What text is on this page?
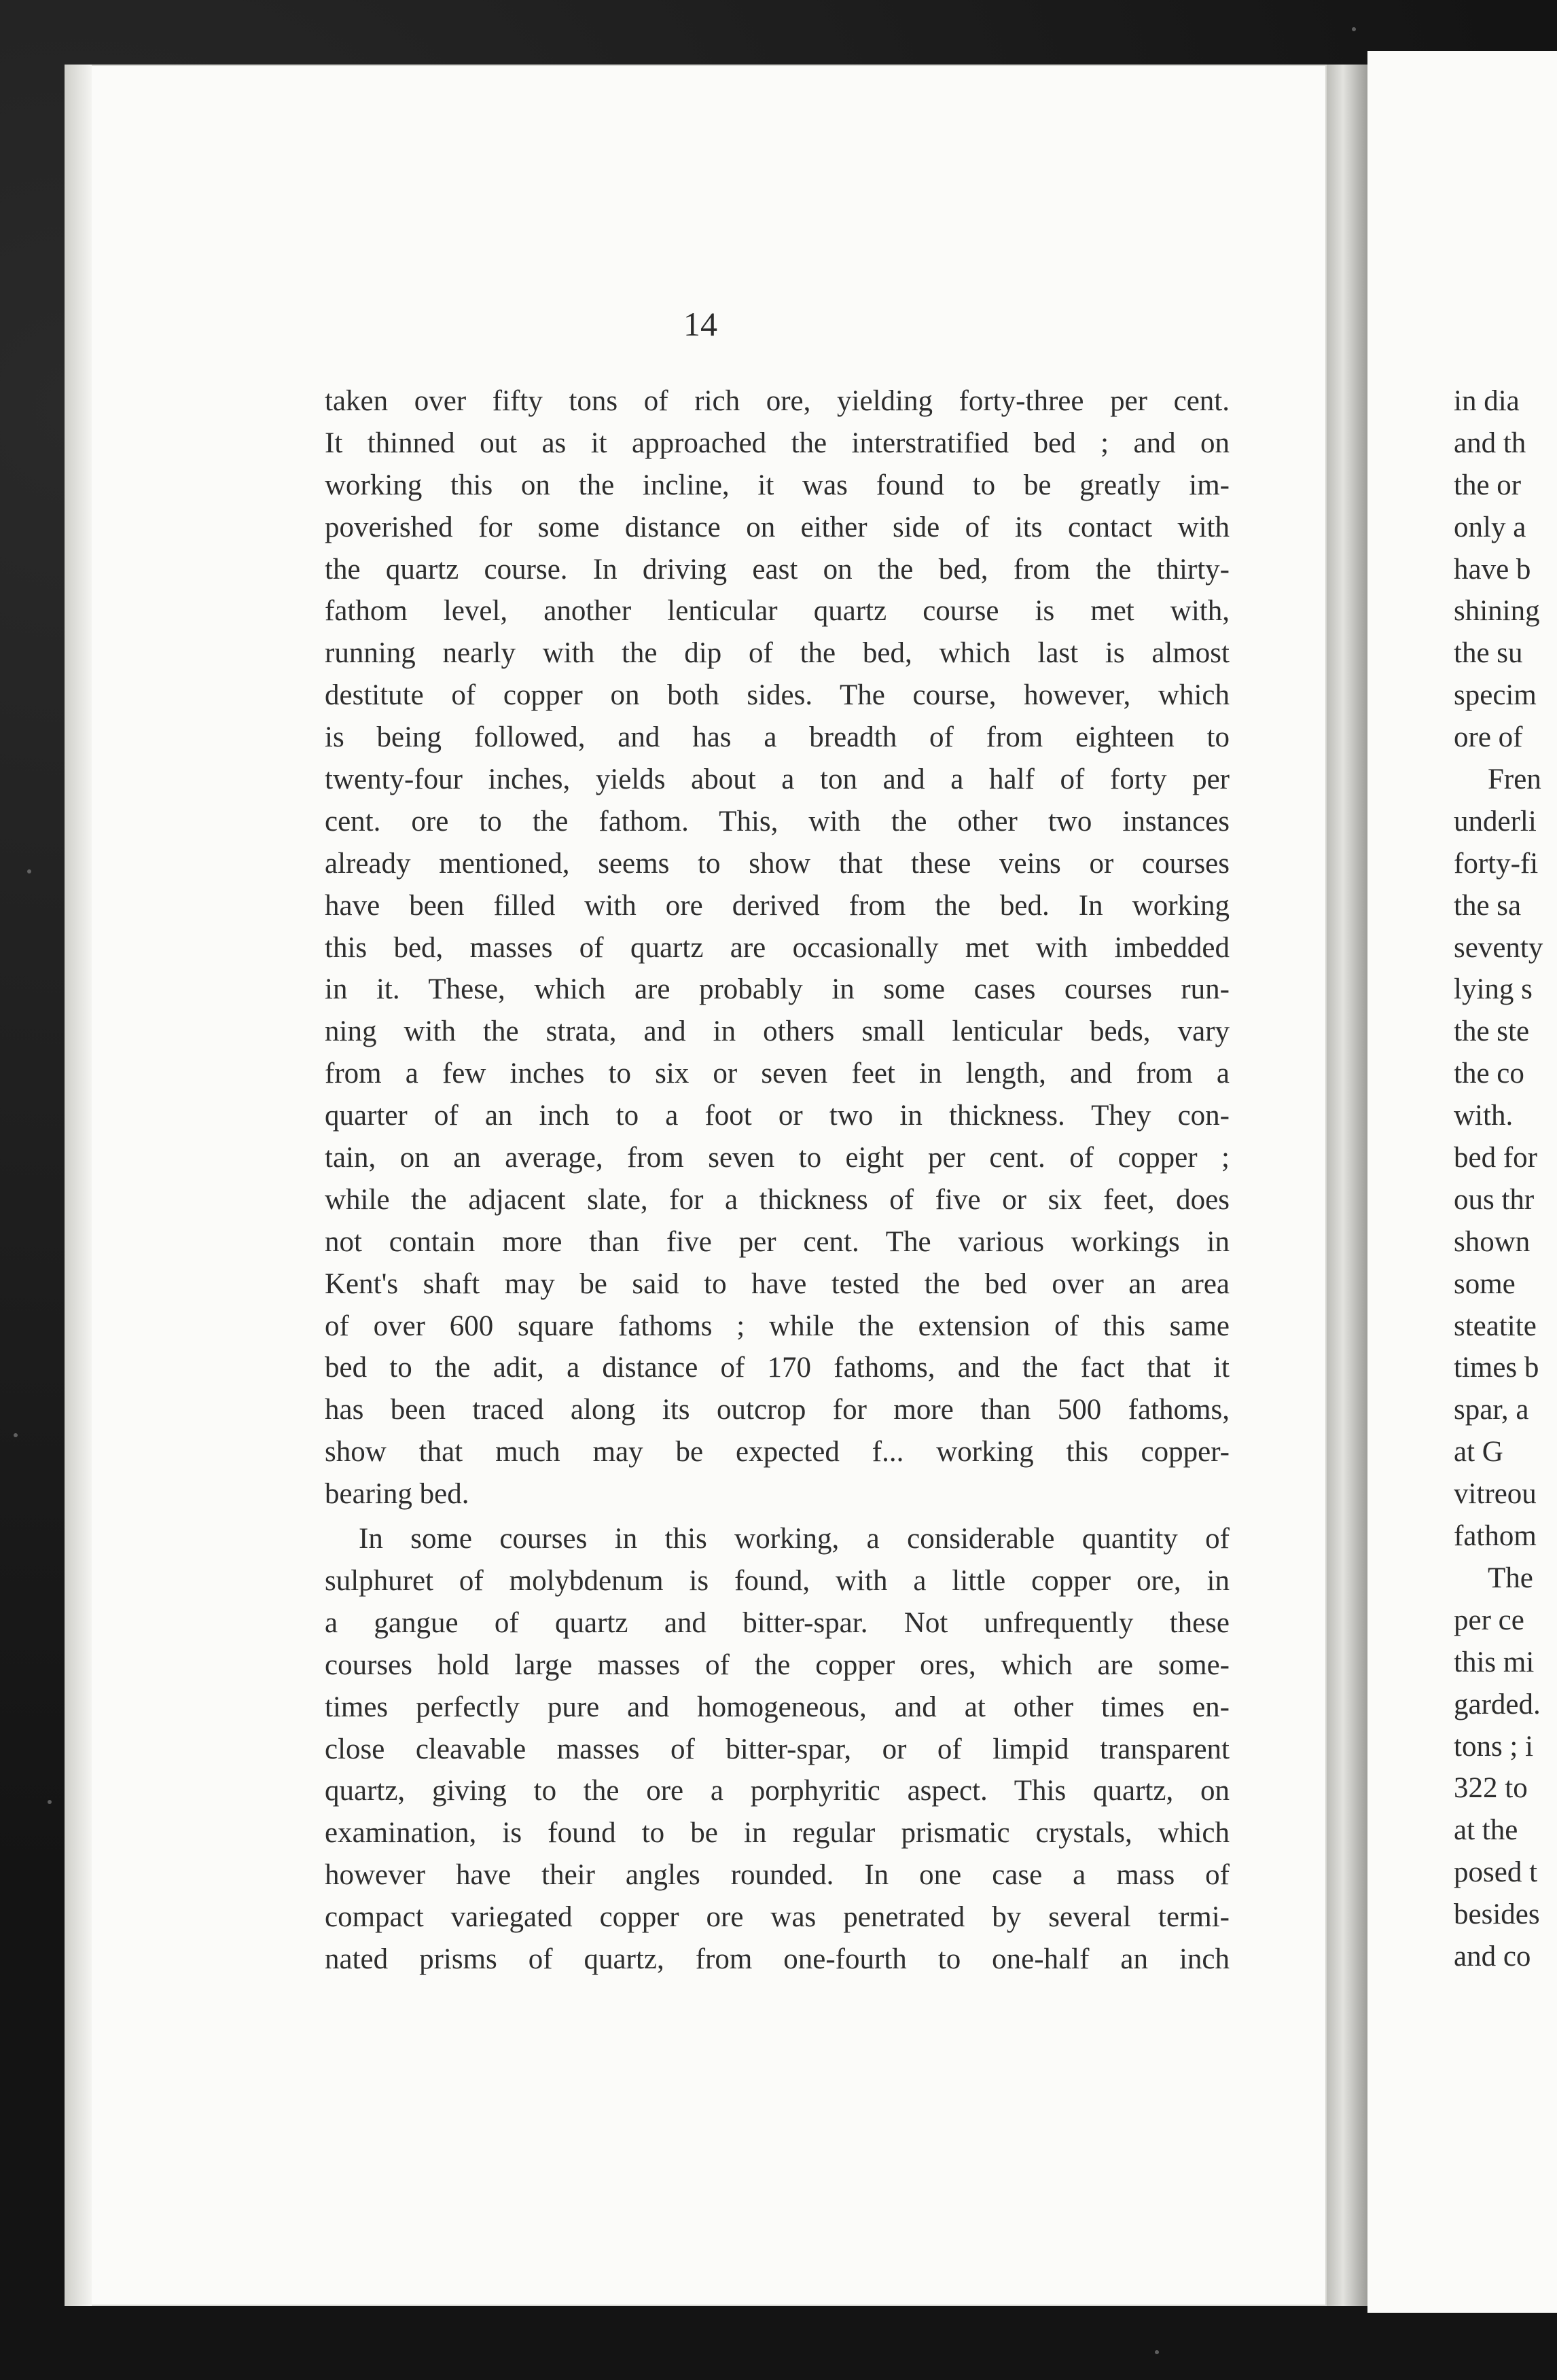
14
taken over fifty tons of rich ore, yielding forty-three per cent.
It thinned out as it approached the interstratified bed ; and on
working this on the incline, it was found to be greatly im-
poverished for some distance on either side of its contact with
the quartz course. In driving east on the bed, from the thirty-
fathom level, another lenticular quartz course is met with,
running nearly with the dip of the bed, which last is almost
destitute of copper on both sides. The course, however, which
is being followed, and has a breadth of from eighteen to
twenty-four inches, yields about a ton and a half of forty per
cent. ore to the fathom. This, with the other two instances
already mentioned, seems to show that these veins or courses
have been filled with ore derived from the bed. In working
this bed, masses of quartz are occasionally met with imbedded
in it. These, which are probably in some cases courses run-
ning with the strata, and in others small lenticular beds, vary
from a few inches to six or seven feet in length, and from a
quarter of an inch to a foot or two in thickness. They con-
tain, on an average, from seven to eight per cent. of copper ;
while the adjacent slate, for a thickness of five or six feet, does
not contain more than five per cent. The various workings in
Kent's shaft may be said to have tested the bed over an area
of over 600 square fathoms ; while the extension of this same
bed to the adit, a distance of 170 fathoms, and the fact that it
has been traced along its outcrop for more than 500 fathoms,
show that much may be expected f... working this copper-
bearing bed.
In some courses in this working, a considerable quantity of
sulphuret of molybdenum is found, with a little copper ore, in
a gangue of quartz and bitter-spar. Not unfrequently these
courses hold large masses of the copper ores, which are some-
times perfectly pure and homogeneous, and at other times en-
close cleavable masses of bitter-spar, or of limpid transparent
quartz, giving to the ore a porphyritic aspect. This quartz, on
examination, is found to be in regular prismatic crystals, which
however have their angles rounded. In one case a mass of
compact variegated copper ore was penetrated by several termi-
nated prisms of quartz, from one-fourth to one-half an inch
in dia
and th
the or
only a
have b
shining
the su
specim
ore of
Fren
underli
forty-fi
the sa
seventy
lying s
the ste
the co
with.
bed for
ous thr
shown
some
steatite
times b
spar, a
at G
vitreou
fathom
The
per ce
this mi
garded.
tons ; i
322 to
at the
posed t
besides
and co
